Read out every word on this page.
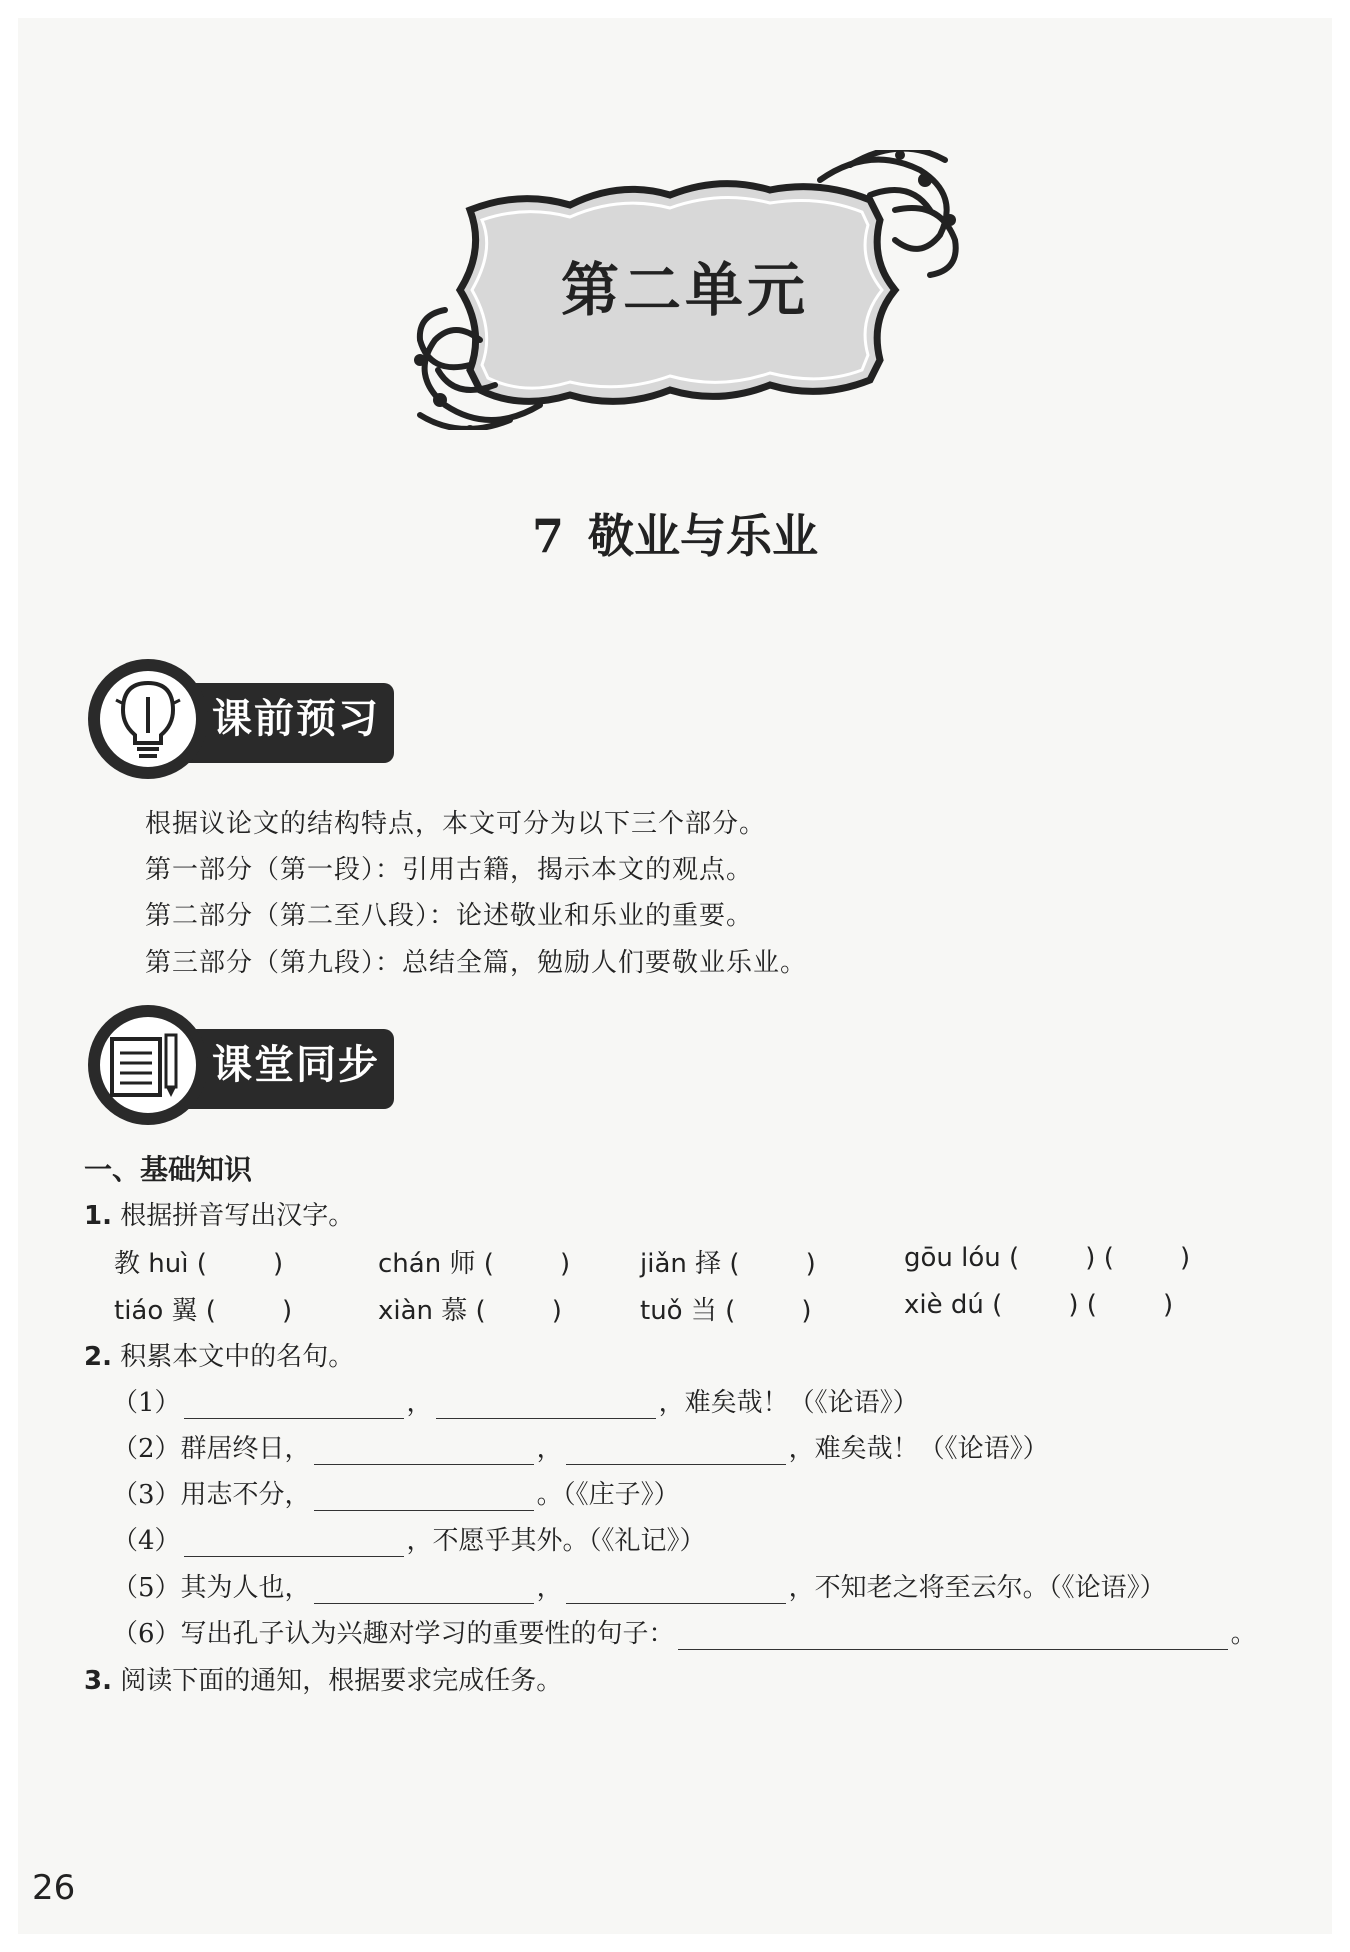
第二单元
7 敬业与乐业
课前预习
根据议论文的结构特点，本文可分为以下三个部分。
第一部分（第一段）：引用古籍，揭示本文的观点。
第二部分（第二至八段）：论述敬业和乐业的重要。
第三部分（第九段）：总结全篇，勉励人们要敬业乐业。
课堂同步
一、基础知识
1. 根据拼音写出汉字。
教 huì (        )	chán 师 (        )	jiǎn 择 (        )	gōu lóu (        ) (        )
tiáo 翼 (        )	xiàn 慕 (        )	tuǒ 当 (        )	xiè dú (        ) (        )
2. 积累本文中的名句。
（1）	，	，难矣哉！（《论语》）
（2）群居终日，	，	，难矣哉！（《论语》）
（3）用志不分，	。（《庄子》）
（4）	，不愿乎其外。（《礼记》）
（5）其为人也，	，	，不知老之将至云尔。（《论语》）
（6）写出孔子认为兴趣对学习的重要性的句子：	。
3. 阅读下面的通知，根据要求完成任务。
26
